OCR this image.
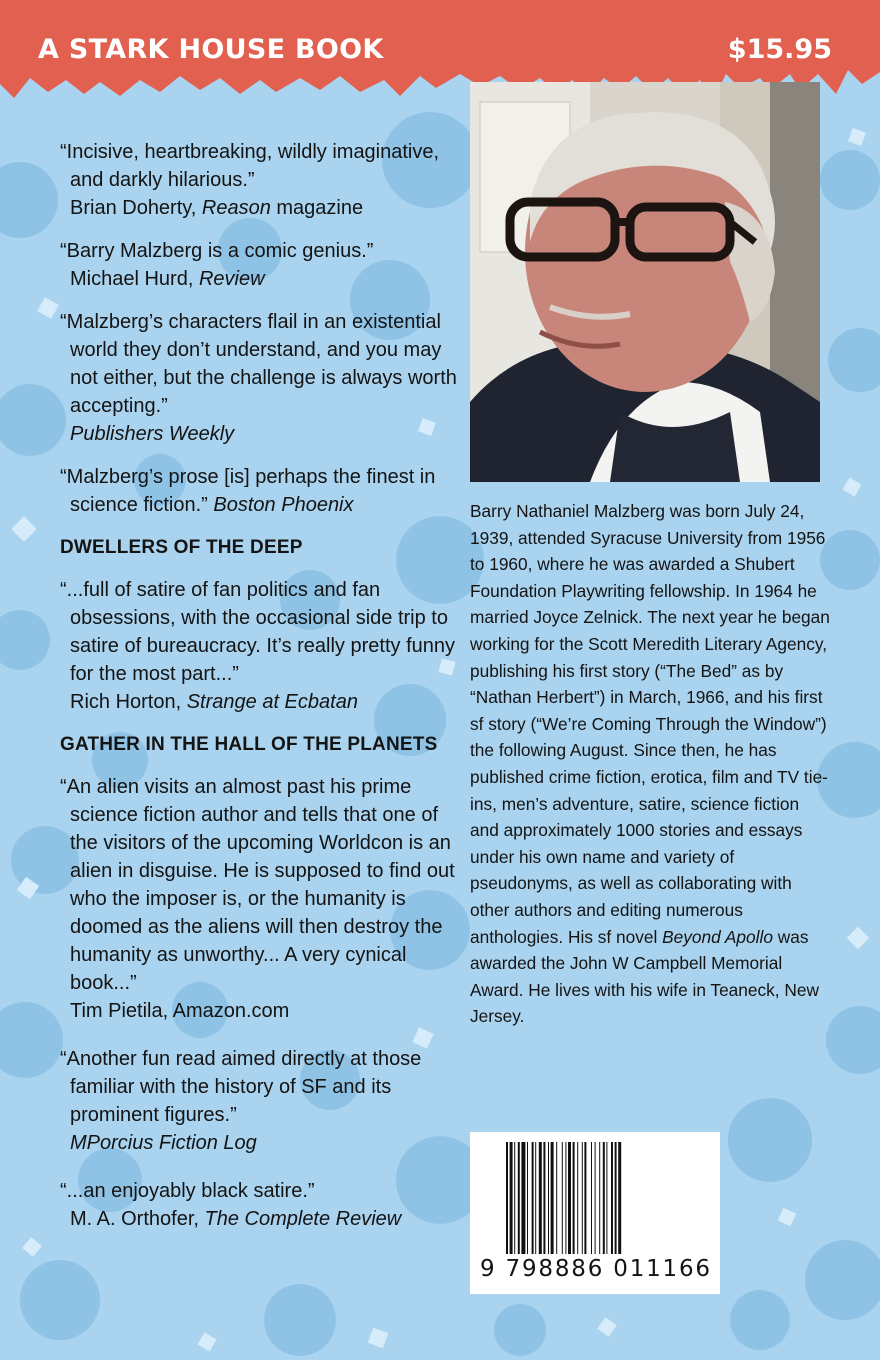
A STARK HOUSE BOOK	$15.95
“Incisive, heartbreaking, wildly imaginative, and darkly hilarious.”
Brian Doherty, Reason magazine
“Barry Malzberg is a comic genius.”
Michael Hurd, Review
“Malzberg’s characters flail in an existential world they don’t understand, and you may not either, but the challenge is always worth accepting.”
Publishers Weekly
“Malzberg’s prose [is] perhaps the finest in science fiction.” Boston Phoenix
DWELLERS OF THE DEEP
“...full of satire of fan politics and fan obsessions, with the occasional side trip to satire of bureaucracy. It’s really pretty funny for the most part...”
Rich Horton, Strange at Ecbatan
GATHER IN THE HALL OF THE PLANETS
“An alien visits an almost past his prime science fiction author and tells that one of the visitors of the upcoming Worldcon is an alien in disguise. He is supposed to find out who the imposer is, or the humanity is doomed as the aliens will then destroy the humanity as unworthy... A very cynical book...”
Tim Pietila, Amazon.com
“Another fun read aimed directly at those familiar with the history of SF and its prominent figures.”
MPorcius Fiction Log
“...an enjoyably black satire.”
M. A. Orthofer, The Complete Review
Barry Nathaniel Malzberg was born July 24, 1939, attended Syracuse University from 1956 to 1960, where he was awarded a Shubert Foundation Playwriting fellowship. In 1964 he married Joyce Zelnick. The next year he began working for the Scott Meredith Literary Agency, publishing his first story (“The Bed” as by “Nathan Herbert”) in March, 1966, and his first sf story (“We’re Coming Through the Window”) the following August. Since then, he has published crime fiction, erotica, film and TV tie-ins, men’s adventure, satire, science fiction and approximately 1000 stories and essays under his own name and variety of pseudonyms, as well as collaborating with other authors and editing numerous anthologies. His sf novel Beyond Apollo was awarded the John W Campbell Memorial Award. He lives with his wife in Teaneck, New Jersey.
9 798886 011166
